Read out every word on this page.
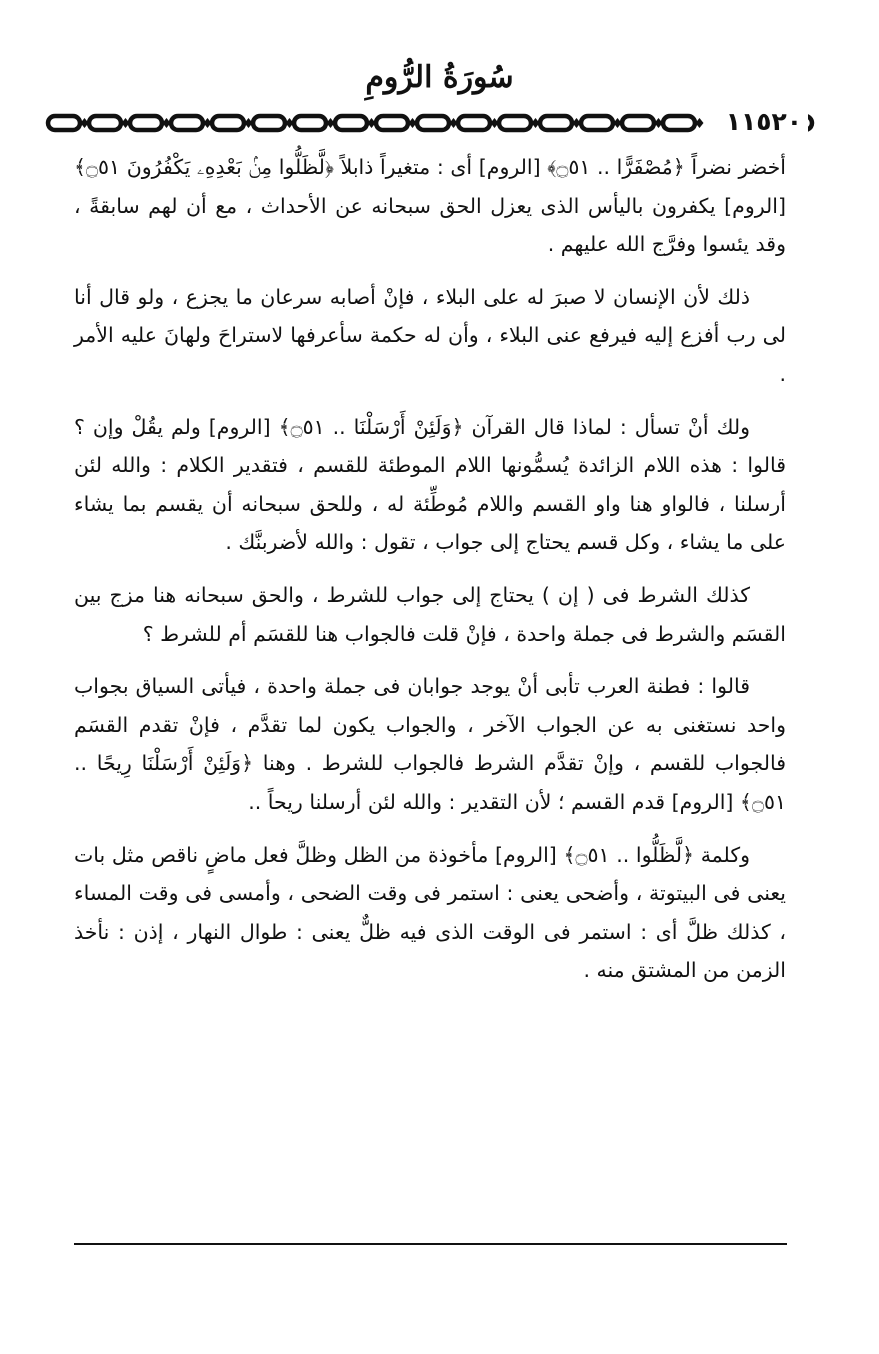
سُورَةُ الرُّومِ
١١٥٢٠

أخضر نضراً ﴿مُصْفَرًّا .. ۝٥١﴾ [الروم] أى : متغيراً ذابلاً ﴿لَّظَلُّوا مِنۢ بَعْدِهِۦ يَكْفُرُونَ ۝٥١﴾ [الروم] يكفرون باليأس الذى يعزل الحق سبحانه عن الأحداث ، مع أن لهم سابقةً ، وقد يئسوا وفرَّج الله عليهم .

ذلك لأن الإنسان لا صبرَ له على البلاء ، فإنْ أصابه سرعان ما يجزع ، ولو قال أنا لى رب أفزع إليه فيرفع عنى البلاء ، وأن له حكمة سأعرفها لاستراحَ ولهانَ عليه الأمر .

ولك أنْ تسأل : لماذا قال القرآن ﴿وَلَئِنْ أَرْسَلْنَا .. ۝٥١﴾ [الروم] ولم يقُلْ وإن ؟ قالوا : هذه اللام الزائدة يُسمُّونها اللام الموطئة للقسم ، فتقدير الكلام : والله لئن أرسلنا ، فالواو هنا واو القسم واللام مُوطِّئة له ، وللحق سبحانه أن يقسم بما يشاء على ما يشاء ، وكل قسم يحتاج إلى جواب ، تقول : والله لأضربنَّك .

كذلك الشرط فى ( إن ) يحتاج إلى جواب للشرط ، والحق سبحانه هنا مزج بين القسَم والشرط فى جملة واحدة ، فإنْ قلت فالجواب هنا للقسَم أم للشرط ؟

قالوا : فطنة العرب تأبى أنْ يوجد جوابان فى جملة واحدة ، فيأتى السياق بجواب واحد نستغنى به عن الجواب الآخر ، والجواب يكون لما تقدَّم ، فإنْ تقدم القسَم فالجواب للقسم ، وإنْ تقدَّم الشرط فالجواب للشرط . وهنا ﴿وَلَئِنْ أَرْسَلْنَا رِيحًا .. ۝٥١﴾ [الروم] قدم القسم ؛ لأن التقدير : والله لئن أرسلنا ريحاً ..

وكلمة ﴿لَّظَلُّوا .. ۝٥١﴾ [الروم] مأخوذة من الظل وظلَّ فعل ماضٍ ناقص مثل بات يعنى فى البيتوتة ، وأضحى يعنى : استمر فى وقت الضحى ، وأمسى فى وقت المساء ، كذلك ظلَّ أى : استمر فى الوقت الذى فيه ظلٌّ يعنى : طوال النهار ، إذن : نأخذ الزمن من المشتق منه .
